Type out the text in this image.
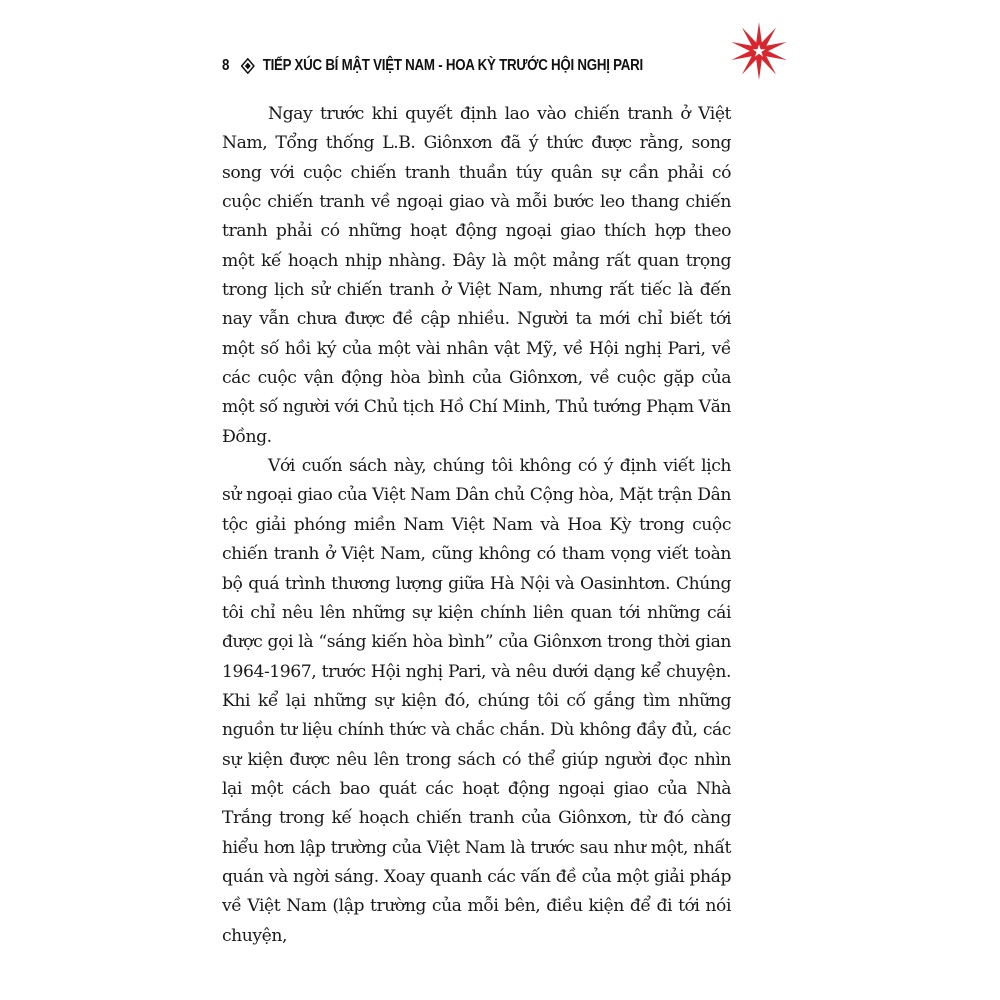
8 TIẾP XÚC BÍ MẬT VIỆT NAM - HOA KỲ TRƯỚC HỘI NGHỊ PARI

Ngay trước khi quyết định lao vào chiến tranh ở Việt Nam, Tổng thống L.B. Giônxơn đã ý thức được rằng, song song với cuộc chiến tranh thuần túy quân sự cần phải có cuộc chiến tranh về ngoại giao và mỗi bước leo thang chiến tranh phải có những hoạt động ngoại giao thích hợp theo một kế hoạch nhịp nhàng. Đây là một mảng rất quan trọng trong lịch sử chiến tranh ở Việt Nam, nhưng rất tiếc là đến nay vẫn chưa được đề cập nhiều. Người ta mới chỉ biết tới một số hồi ký của một vài nhân vật Mỹ, về Hội nghị Pari, về các cuộc vận động hòa bình của Giônxơn, về cuộc gặp của một số người với Chủ tịch Hồ Chí Minh, Thủ tướng Phạm Văn Đồng.

Với cuốn sách này, chúng tôi không có ý định viết lịch sử ngoại giao của Việt Nam Dân chủ Cộng hòa, Mặt trận Dân tộc giải phóng miền Nam Việt Nam và Hoa Kỳ trong cuộc chiến tranh ở Việt Nam, cũng không có tham vọng viết toàn bộ quá trình thương lượng giữa Hà Nội và Oasinhtơn. Chúng tôi chỉ nêu lên những sự kiện chính liên quan tới những cái được gọi là “sáng kiến hòa bình” của Giônxơn trong thời gian 1964-1967, trước Hội nghị Pari, và nêu dưới dạng kể chuyện. Khi kể lại những sự kiện đó, chúng tôi cố gắng tìm những nguồn tư liệu chính thức và chắc chắn. Dù không đầy đủ, các sự kiện được nêu lên trong sách có thể giúp người đọc nhìn lại một cách bao quát các hoạt động ngoại giao của Nhà Trắng trong kế hoạch chiến tranh của Giônxơn, từ đó càng hiểu hơn lập trường của Việt Nam là trước sau như một, nhất quán và ngời sáng. Xoay quanh các vấn đề của một giải pháp về Việt Nam (lập trường của mỗi bên, điều kiện để đi tới nói chuyện,
